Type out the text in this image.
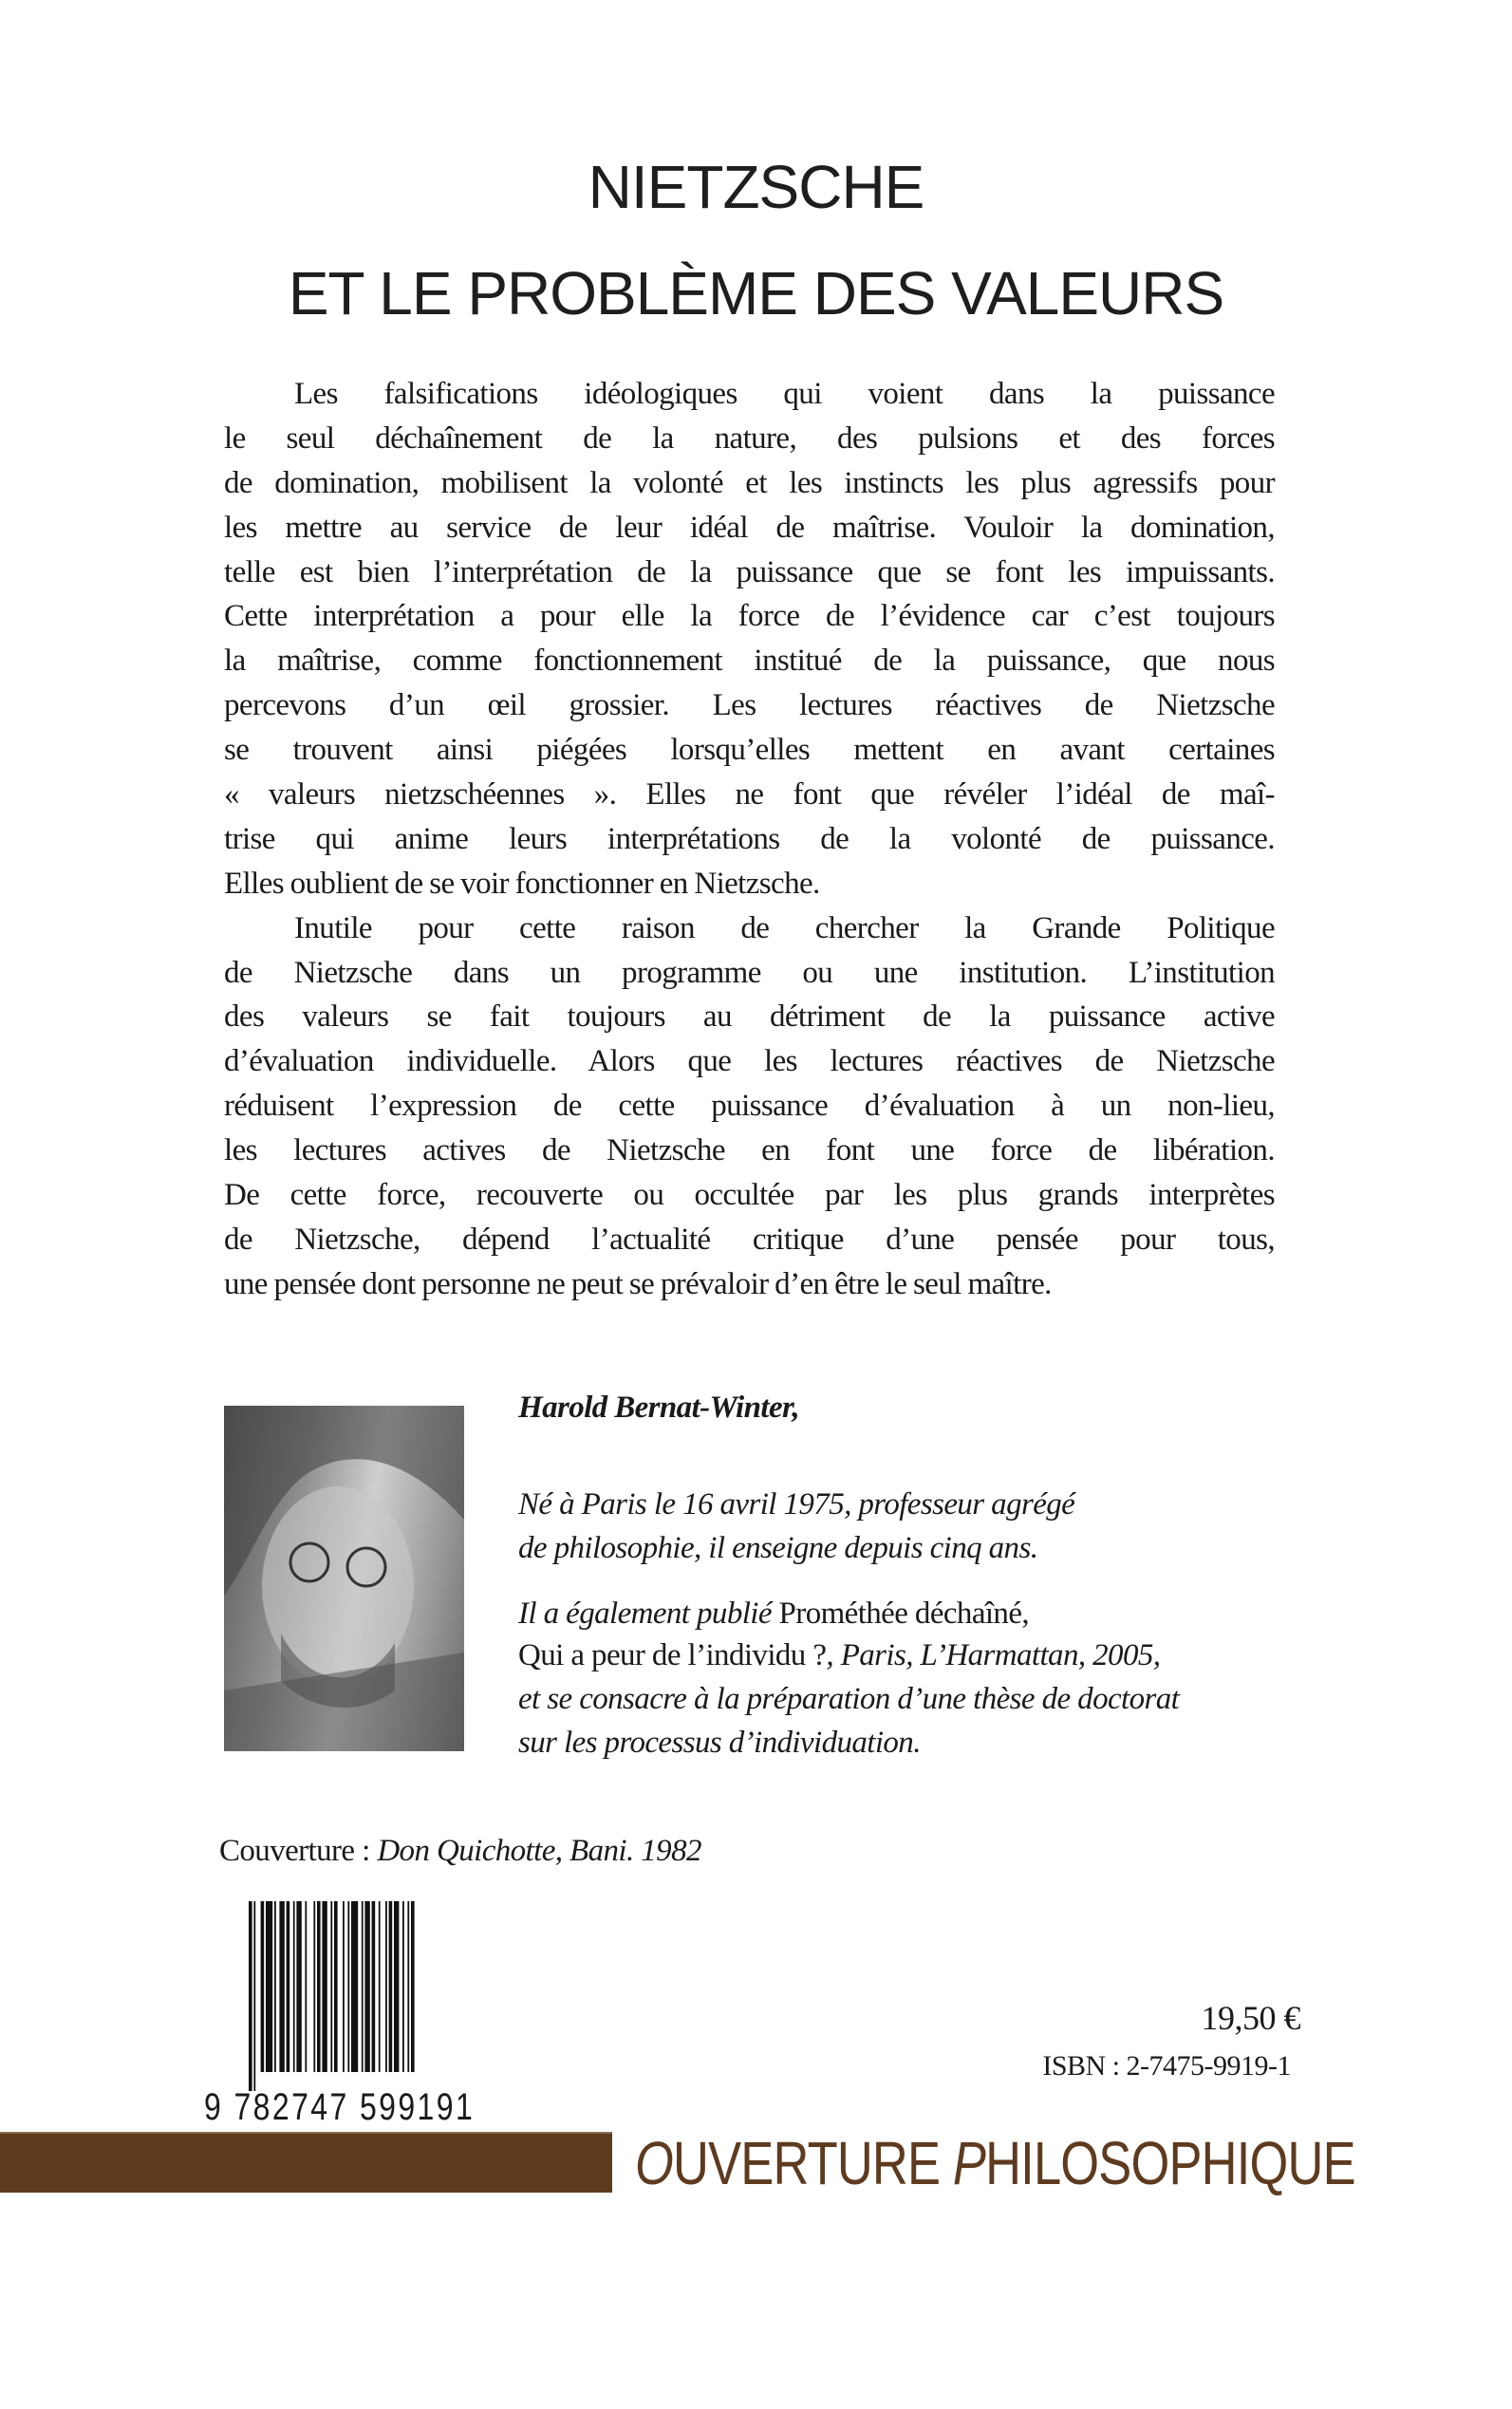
NIETZSCHE
ET LE PROBLÈME DES VALEURS
Les falsifications idéologiques qui voient dans la puissance
le seul déchaînement de la nature, des pulsions et des forces
de domination, mobilisent la volonté et les instincts les plus agressifs pour
les mettre au service de leur idéal de maîtrise. Vouloir la domination,
telle est bien l’interprétation de la puissance que se font les impuissants.
Cette interprétation a pour elle la force de l’évidence car c’est toujours
la maîtrise, comme fonctionnement institué de la puissance, que nous
percevons d’un œil grossier. Les lectures réactives de Nietzsche
se trouvent ainsi piégées lorsqu’elles mettent en avant certaines
« valeurs nietzschéennes ». Elles ne font que révéler l’idéal de maî-
trise qui anime leurs interprétations de la volonté de puissance.
Elles oublient de se voir fonctionner en Nietzsche.
Inutile pour cette raison de chercher la Grande Politique
de Nietzsche dans un programme ou une institution. L’institution
des valeurs se fait toujours au détriment de la puissance active
d’évaluation individuelle. Alors que les lectures réactives de Nietzsche
réduisent l’expression de cette puissance d’évaluation à un non-lieu,
les lectures actives de Nietzsche en font une force de libération.
De cette force, recouverte ou occultée par les plus grands interprètes
de Nietzsche, dépend l’actualité critique d’une pensée pour tous,
une pensée dont personne ne peut se prévaloir d’en être le seul maître.
Harold Bernat-Winter,
Né à Paris le 16 avril 1975, professeur agrégé
de philosophie, il enseigne depuis cinq ans.
Il a également publié Prométhée déchaîné,
Qui a peur de l’individu ?, Paris, L’Harmattan, 2005,
et se consacre à la préparation d’une thèse de doctorat
sur les processus d’individuation.
Couverture : Don Quichotte, Bani. 1982
9 782747 599191
19,50 €
ISBN : 2-7475-9919-1
OUVERTURE PHILOSOPHIQUE
